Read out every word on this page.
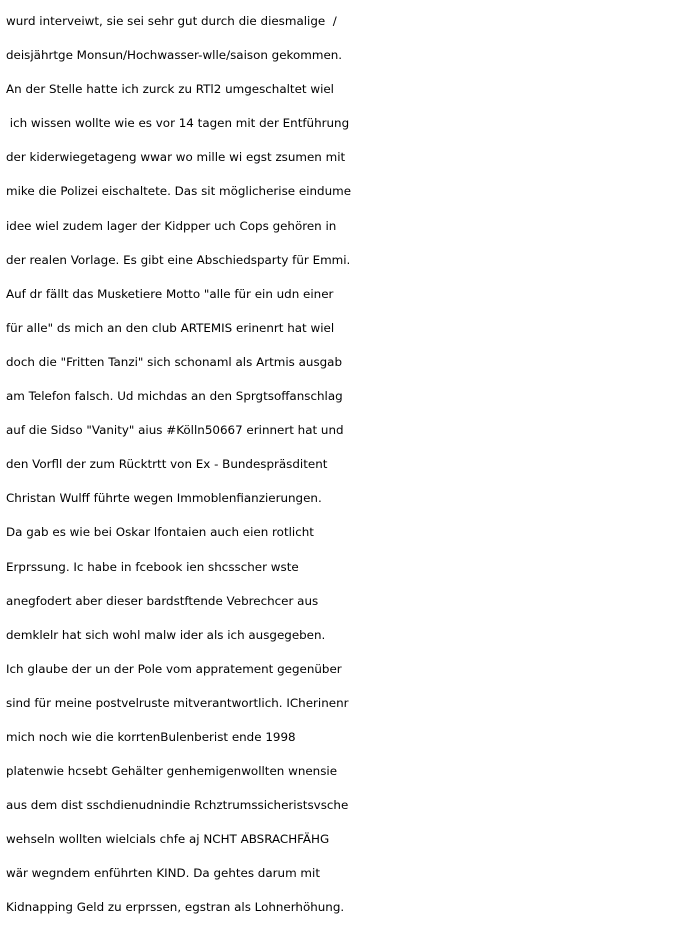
wurd interveiwt, sie sei sehr gut durch die diesmalige  /
deisjährtge Monsun/Hochwasser-wlle/saison gekommen.
An der Stelle hatte ich zurck zu RTl2 umgeschaltet wiel
ich wissen wollte wie es vor 14 tagen mit der Entführung
der kiderwiegetageng wwar wo mille wi egst zsumen mit
mike die Polizei eischaltete. Das sit möglicherise eindume
idee wiel zudem lager der Kidpper uch Cops gehören in
der realen Vorlage. Es gibt eine Abschiedsparty für Emmi.
Auf dr fällt das Musketiere Motto "alle für ein udn einer
für alle" ds mich an den club ARTEMIS erinenrt hat wiel
doch die "Fritten Tanzi" sich schonaml als Artmis ausgab
am Telefon falsch. Ud michdas an den Sprgtsoffanschlag
auf die Sidso "Vanity" aius #Kölln50667 erinnert hat und
den Vorfll der zum Rücktrtt von Ex - Bundespräsditent
Christan Wulff führte wegen Immoblenfianzierungen.
Da gab es wie bei Oskar lfontaien auch eien rotlicht
Erprssung. Ic habe in fcebook ien shcsscher wste
anegfodert aber dieser bardstftende Vebrechcer aus
demklelr hat sich wohl malw ider als ich ausgegeben.
Ich glaube der un der Pole vom appratement gegenüber
sind für meine postvelruste mitverantwortlich. ICherinenr
mich noch wie die korrtenBulenberist ende 1998
platenwie hcsebt Gehälter genhemigenwollten wnensie
aus dem dist sschdienudnindie Rchztrumssicheristsvsche
wehseln wollten wielcials chfe aj NCHT ABSRACHFÄHG
wär wegndem enführten KIND. Da gehtes darum mit
Kidnapping Geld zu erprssen, egstran als Lohnerhöhung.
